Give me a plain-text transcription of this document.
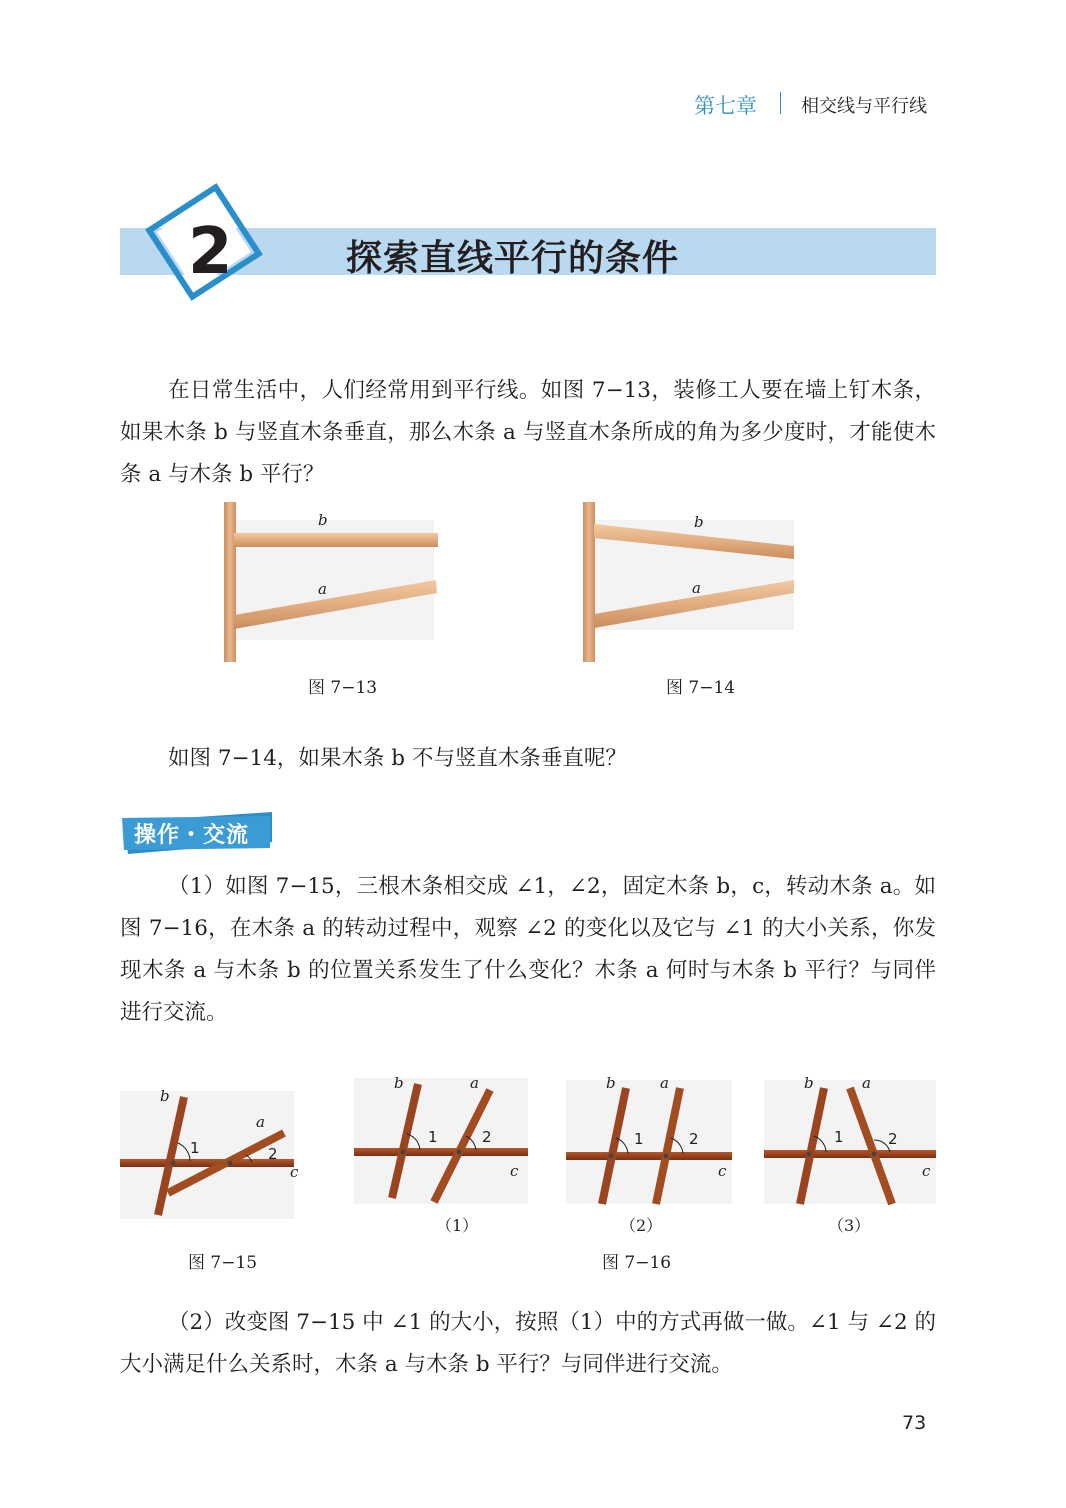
第七章 相交线与平行线
2	探索直线平行的条件

在日常生活中，人们经常用到平行线。如图 7−13，装修工人要在墙上钉木条，如果木条 b 与竖直木条垂直，那么木条 a 与竖直木条所成的角为多少度时，才能使木条 a 与木条 b 平行？

b
a
图 7−13
b
a
图 7−14

如图 7−14，如果木条 b 不与竖直木条垂直呢？

操作・交流

（1）如图 7−15，三根木条相交成 ∠1，∠2，固定木条 b，c，转动木条 a。如图 7−16，在木条 a 的转动过程中，观察 ∠2 的变化以及它与 ∠1 的大小关系，你发现木条 a 与木条 b 的位置关系发生了什么变化？木条 a 何时与木条 b 平行？与同伴进行交流。

b
a
c
1	2
图 7−15
b	a
c
1	2
（1）
b	a
c
1	2
（2）
b	a
c
1	2
（3）
图 7−16

（2）改变图 7−15 中 ∠1 的大小，按照（1）中的方式再做一做。∠1 与 ∠2 的大小满足什么关系时，木条 a 与木条 b 平行？与同伴进行交流。

73
